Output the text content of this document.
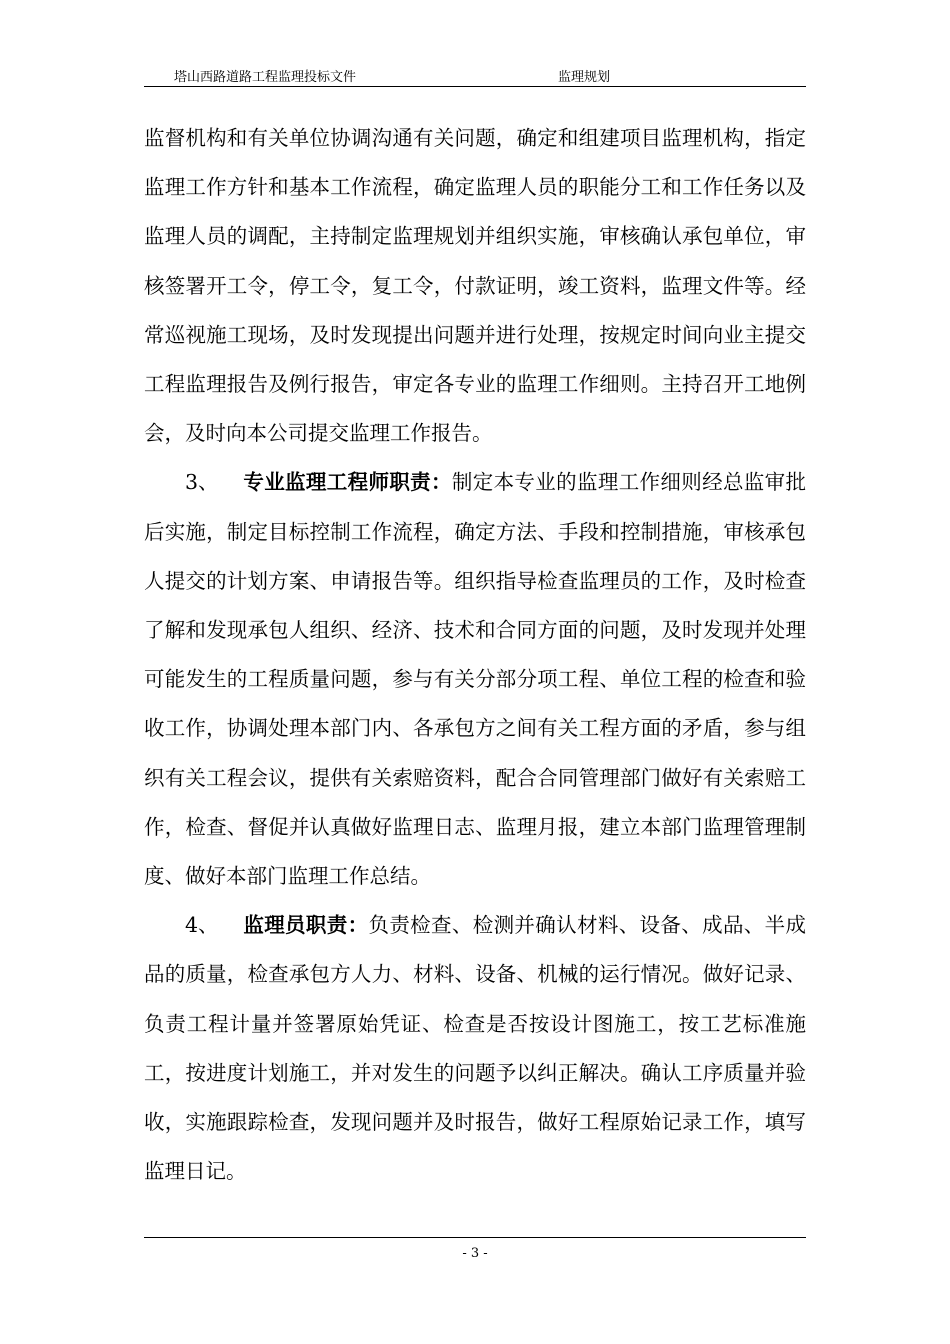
塔山西路道路工程监理投标文件	监理规划

监督机构和有关单位协调沟通有关问题，确定和组建项目监理机构，指定监理工作方针和基本工作流程，确定监理人员的职能分工和工作任务以及监理人员的调配，主持制定监理规划并组织实施，审核确认承包单位，审核签署开工令，停工令，复工令，付款证明，竣工资料，监理文件等。经常巡视施工现场，及时发现提出问题并进行处理，按规定时间向业主提交工程监理报告及例行报告，审定各专业的监理工作细则。主持召开工地例会，及时向本公司提交监理工作报告。

3、 专业监理工程师职责：制定本专业的监理工作细则经总监审批后实施，制定目标控制工作流程，确定方法、手段和控制措施，审核承包人提交的计划方案、申请报告等。组织指导检查监理员的工作，及时检查了解和发现承包人组织、经济、技术和合同方面的问题，及时发现并处理可能发生的工程质量问题，参与有关分部分项工程、单位工程的检查和验收工作，协调处理本部门内、各承包方之间有关工程方面的矛盾，参与组织有关工程会议，提供有关索赔资料，配合合同管理部门做好有关索赔工作，检查、督促并认真做好监理日志、监理月报，建立本部门监理管理制度、做好本部门监理工作总结。

4、 监理员职责：负责检查、检测并确认材料、设备、成品、半成品的质量，检查承包方人力、材料、设备、机械的运行情况。做好记录、负责工程计量并签署原始凭证、检查是否按设计图施工，按工艺标准施工，按进度计划施工，并对发生的问题予以纠正解决。确认工序质量并验收，实施跟踪检查，发现问题并及时报告，做好工程原始记录工作，填写监理日记。

- 3 -
